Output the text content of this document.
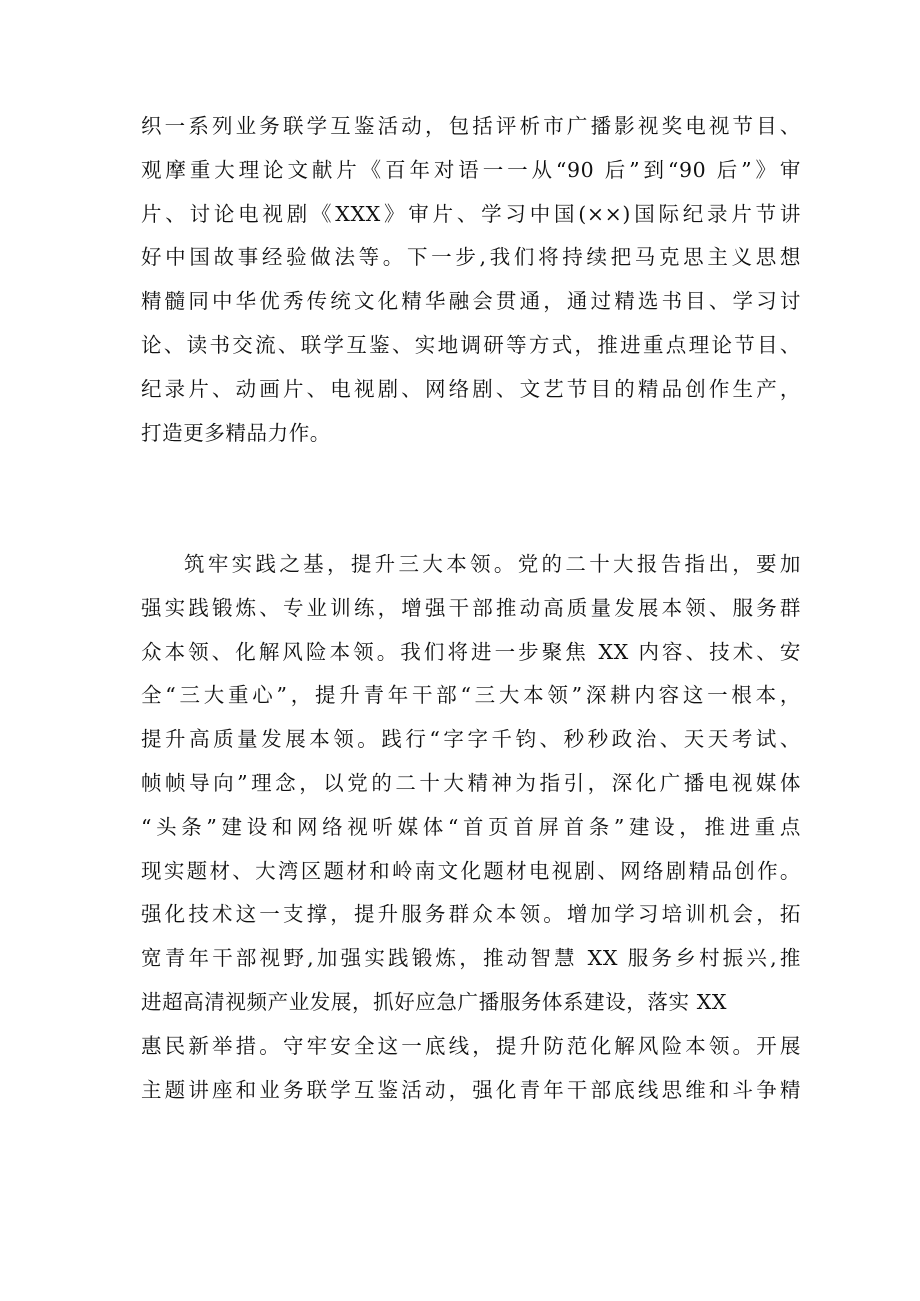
织一系列业务联学互鉴活动，包括评析市广播影视奖电视节目、
观摩重大理论文献片《百年对语一一从“90 后”到“90 后”》审
片、讨论电视剧《XXX》审片、学习中国(××)国际纪录片节讲
好中国故事经验做法等。下一步,我们将持续把马克思主义思想
精髓同中华优秀传统文化精华融会贯通，通过精选书目、学习讨
论、读书交流、联学互鉴、实地调研等方式，推进重点理论节目、
纪录片、动画片、电视剧、网络剧、文艺节目的精品创作生产，
打造更多精品力作。
筑牢实践之基，提升三大本领。党的二十大报告指出，要加
强实践锻炼、专业训练，增强干部推动高质量发展本领、服务群
众本领、化解风险本领。我们将进一步聚焦 XX 内容、技术、安
全“三大重心”，提升青年干部“三大本领”深耕内容这一根本，
提升高质量发展本领。践行“字字千钧、秒秒政治、天天考试、
帧帧导向”理念，以党的二十大精神为指引，深化广播电视媒体
“头条”建设和网络视听媒体“首页首屏首条”建设，推进重点
现实题材、大湾区题材和岭南文化题材电视剧、网络剧精品创作。
强化技术这一支撑，提升服务群众本领。增加学习培训机会，拓
宽青年干部视野,加强实践锻炼，推动智慧 XX 服务乡村振兴,推
进超高清视频产业发展，抓好应急广播服务体系建设，落实 XX
惠民新举措。守牢安全这一底线，提升防范化解风险本领。开展
主题讲座和业务联学互鉴活动，强化青年干部底线思维和斗争精
